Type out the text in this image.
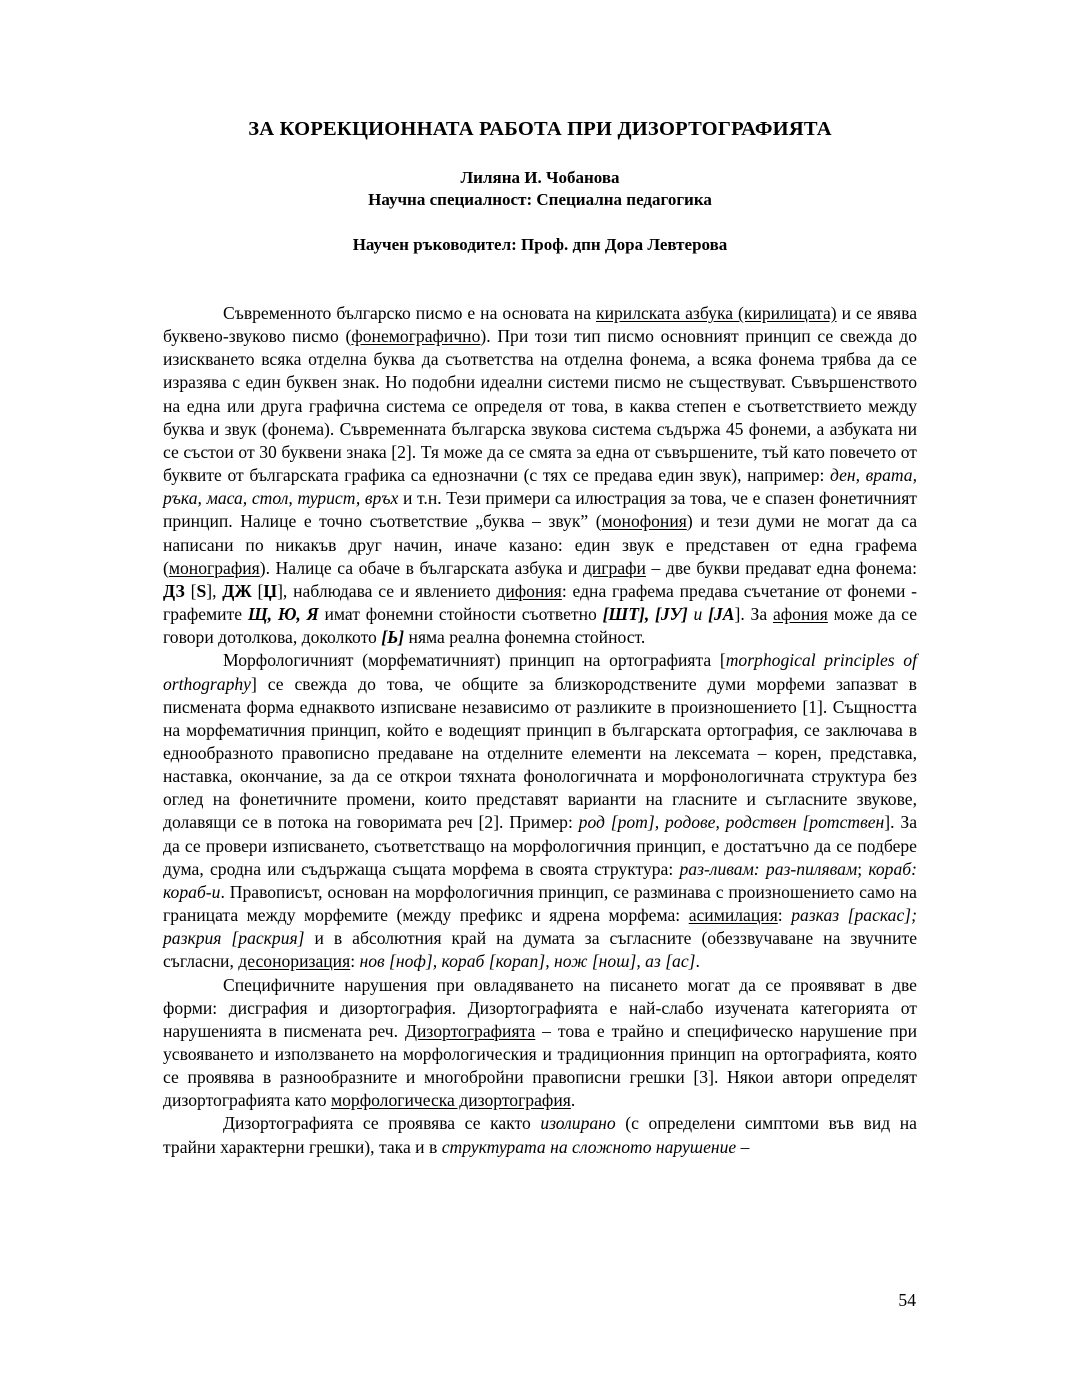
ЗА КОРЕКЦИОННАТА РАБОТА ПРИ ДИЗОРТОГРАФИЯТА
Лиляна И. Чобанова
Научна специалност: Специална педагогика
Научен ръководител: Проф. дпн Дора Левтерова

Съвременното българско писмо е на основата на кирилската азбука (кирилицата) и се явява буквено-звуково писмо (фонемографично). При този тип писмо основният принцип се свежда до изискването всяка отделна буква да съответства на отделна фонема, а всяка фонема трябва да се изразява с един буквен знак. Но подобни идеални системи писмо не съществуват. Съвършенството на една или друга графична система се определя от това, в каква степен е съответствието между буква и звук (фонема). Съвременната българска звукова система съдържа 45 фонеми, а азбуката ни се състои от 30 буквени знака [2]. Тя може да се смята за една от съвършените, тъй като повечето от буквите от българската графика са еднозначни (с тях се предава един звук), например: ден, врата, ръка, маса, стол, турист, връх и т.н. Тези примери са илюстрация за това, че е спазен фонетичният принцип. Налице е точно съответствие „буква – звук” (монофония) и тези думи не могат да са написани по никакъв друг начин, иначе казано: един звук е представен от една графема (монография). Налице са обаче в българската азбука и диграфи – две букви предават една фонема: ДЗ [Ѕ], ДЖ [Џ], наблюдава се и явлението дифония: една графема предава съчетание от фонеми - графемите Щ, Ю, Я имат фонемни стойности съответно [ШТ], [ЈУ] и [ЈА]. За афония може да се говори дотолкова, доколкото [Ь] няма реална фонемна стойност.

Морфологичният (морфематичният) принцип на ортографията [morphogical principles of orthography] се свежда до това, че общите за близкородствените думи морфеми запазват в писмената форма еднаквото изписване независимо от разликите в произношението [1]. Същността на морфематичния принцип, който е водещият принцип в българската ортография, се заключава в еднообразното правописно предаване на отделните елементи на лексемата – корен, представка, наставка, окончание, за да се открои тяхната фонологичната и морфонологичната структура без оглед на фонетичните промени, които представят варианти на гласните и съгласните звукове, долавящи се в потока на говоримата реч [2]. Пример: род [рот], родове, родствен [ротствен]. За да се провери изписването, съответстващо на морфологичния принцип, е достатъчно да се подбере дума, сродна или съдържаща същата морфема в своята структура: раз-ливам: раз-пилявам; кораб: кораб-и. Правописът, основан на морфологичния принцип, се разминава с произношението само на границата между морфемите (между префикс и ядрена морфема: асимилация: разказ [раскас]; разкрия [раскрия] и в абсолютния край на думата за съгласните (обеззвучаване на звучните съгласни, десоноризация: нов [ноф], кораб [корап], нож [нош], аз [ас].

Специфичните нарушения при овладяването на писането могат да се проявяват в две форми: дисграфия и дизортография. Дизортографията е най-слабо изучената категорията от нарушенията в писмената реч. Дизортографията – това е трайно и специфическо нарушение при усвояването и използването на морфологическия и традиционния принцип на ортографията, която се проявява в разнообразните и многобройни правописни грешки [3]. Някои автори определят дизортографията като морфологическа дизортография.

Дизортографията се проявява се както изолирано (с определени симптоми във вид на трайни характерни грешки), така и в структурата на сложното нарушение –

54
